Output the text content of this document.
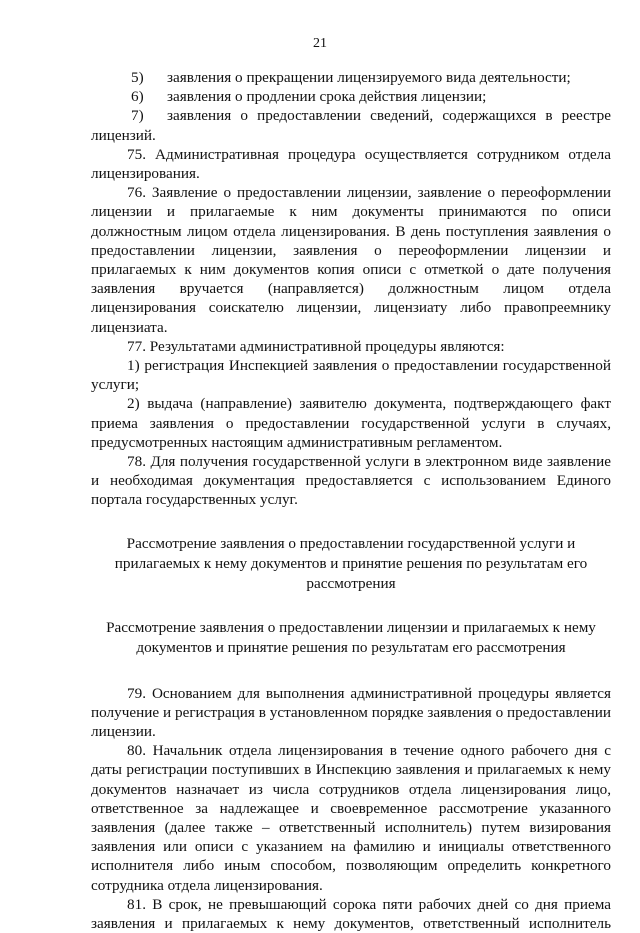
21
5) заявления о прекращении лицензируемого вида деятельности;
6) заявления о продлении срока действия лицензии;
7) заявления о предоставлении сведений, содержащихся в реестре
лицензий.

75. Административная процедура осуществляется сотрудником отдела лицензирования.

76. Заявление о предоставлении лицензии, заявление о переоформлении лицензии и прилагаемые к ним документы принимаются по описи должностным лицом отдела лицензирования. В день поступления заявления о предоставлении лицензии, заявления о переоформлении лицензии и прилагаемых к ним документов копия описи с отметкой о дате получения заявления вручается (направляется) должностным лицом отдела лицензирования соискателю лицензии, лицензиату либо правопреемнику лицензиата.

77. Результатами административной процедуры являются:

1) регистрация Инспекцией заявления о предоставлении государственной услуги;

2) выдача (направление) заявителю документа, подтверждающего факт приема заявления о предоставлении государственной услуги в случаях, предусмотренных настоящим административным регламентом.

78. Для получения государственной услуги в электронном виде заявление и необходимая документация предоставляется с использованием Единого портала государственных услуг.

Рассмотрение заявления о предоставлении государственной услуги и прилагаемых к нему документов и принятие решения по результатам его рассмотрения

Рассмотрение заявления о предоставлении лицензии и прилагаемых к нему документов и принятие решения по результатам его рассмотрения

79. Основанием для выполнения административной процедуры является получение и регистрация в установленном порядке заявления о предоставлении лицензии.

80. Начальник отдела лицензирования в течение одного рабочего дня с даты регистрации поступивших в Инспекцию заявления и прилагаемых к нему документов назначает из числа сотрудников отдела лицензирования лицо, ответственное за надлежащее и своевременное рассмотрение указанного заявления (далее также – ответственный исполнитель) путем визирования заявления или описи с указанием на фамилию и инициалы ответственного исполнителя либо иным способом, позволяющим определить конкретного сотрудника отдела лицензирования.

81. В срок, не превышающий сорока пяти рабочих дней со дня приема заявления и прилагаемых к нему документов, ответственный исполнитель
